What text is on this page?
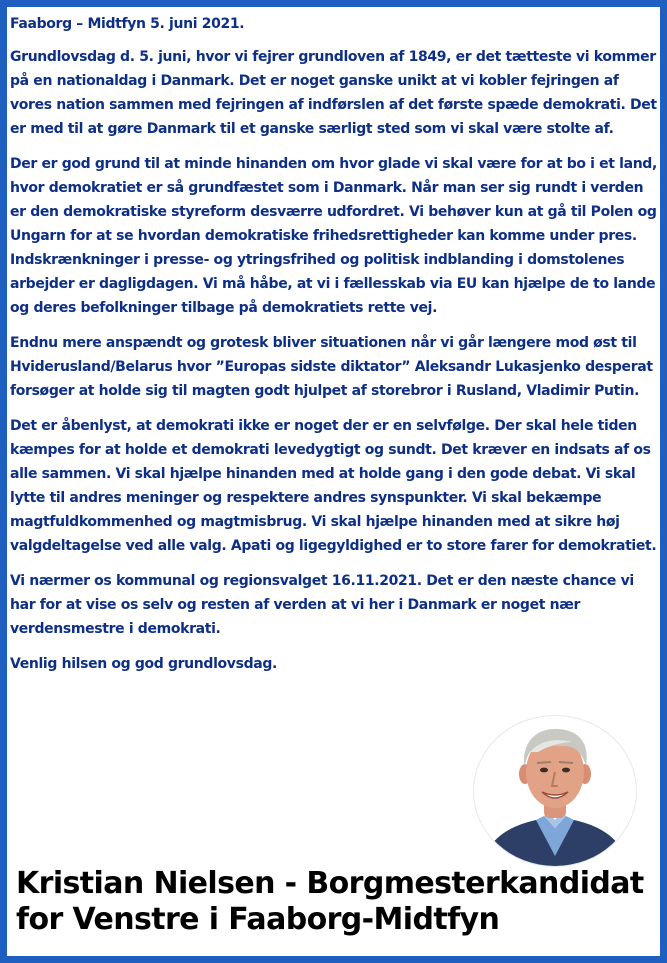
Faaborg – Midtfyn 5. juni 2021.

Grundlovsdag d. 5. juni, hvor vi fejrer grundloven af 1849, er det tætteste vi kommer på en nationaldag i Danmark. Det er noget ganske unikt at vi kobler fejringen af vores nation sammen med fejringen af indførslen af det første spæde demokrati. Det er med til at gøre Danmark til et ganske særligt sted som vi skal være stolte af.

Der er god grund til at minde hinanden om hvor glade vi skal være for at bo i et land, hvor demokratiet er så grundfæstet som i Danmark. Når man ser sig rundt i verden er den demokratiske styreform desværre udfordret. Vi behøver kun at gå til Polen og Ungarn for at se hvordan demokratiske frihedsrettigheder kan komme under pres. Indskrænkninger i presse- og ytringsfrihed og politisk indblanding i domstolenes arbejder er dagligdagen. Vi må håbe, at vi i fællesskab via EU kan hjælpe de to lande og deres befolkninger tilbage på demokratiets rette vej.

Endnu mere anspændt og grotesk bliver situationen når vi går længere mod øst til Hviderusland/Belarus hvor ”Europas sidste diktator” Aleksandr Lukasjenko desperat forsøger at holde sig til magten godt hjulpet af storebror i Rusland, Vladimir Putin.

Det er åbenlyst, at demokrati ikke er noget der er en selvfølge. Der skal hele tiden kæmpes for at holde et demokrati levedygtigt og sundt. Det kræver en indsats af os alle sammen. Vi skal hjælpe hinanden med at holde gang i den gode debat. Vi skal lytte til andres meninger og respektere andres synspunkter. Vi skal bekæmpe magtfuldkommenhed og magtmisbrug. Vi skal hjælpe hinanden med at sikre høj valgdeltagelse ved alle valg. Apati og ligegyldighed er to store farer for demokratiet.

Vi nærmer os kommunal og regionsvalget 16.11.2021. Det er den næste chance vi har for at vise os selv og resten af verden at vi her i Danmark er noget nær verdensmestre i demokrati.

Venlig hilsen og god grundlovsdag.

Kristian Nielsen - Borgmesterkandidat
for Venstre i Faaborg-Midtfyn
